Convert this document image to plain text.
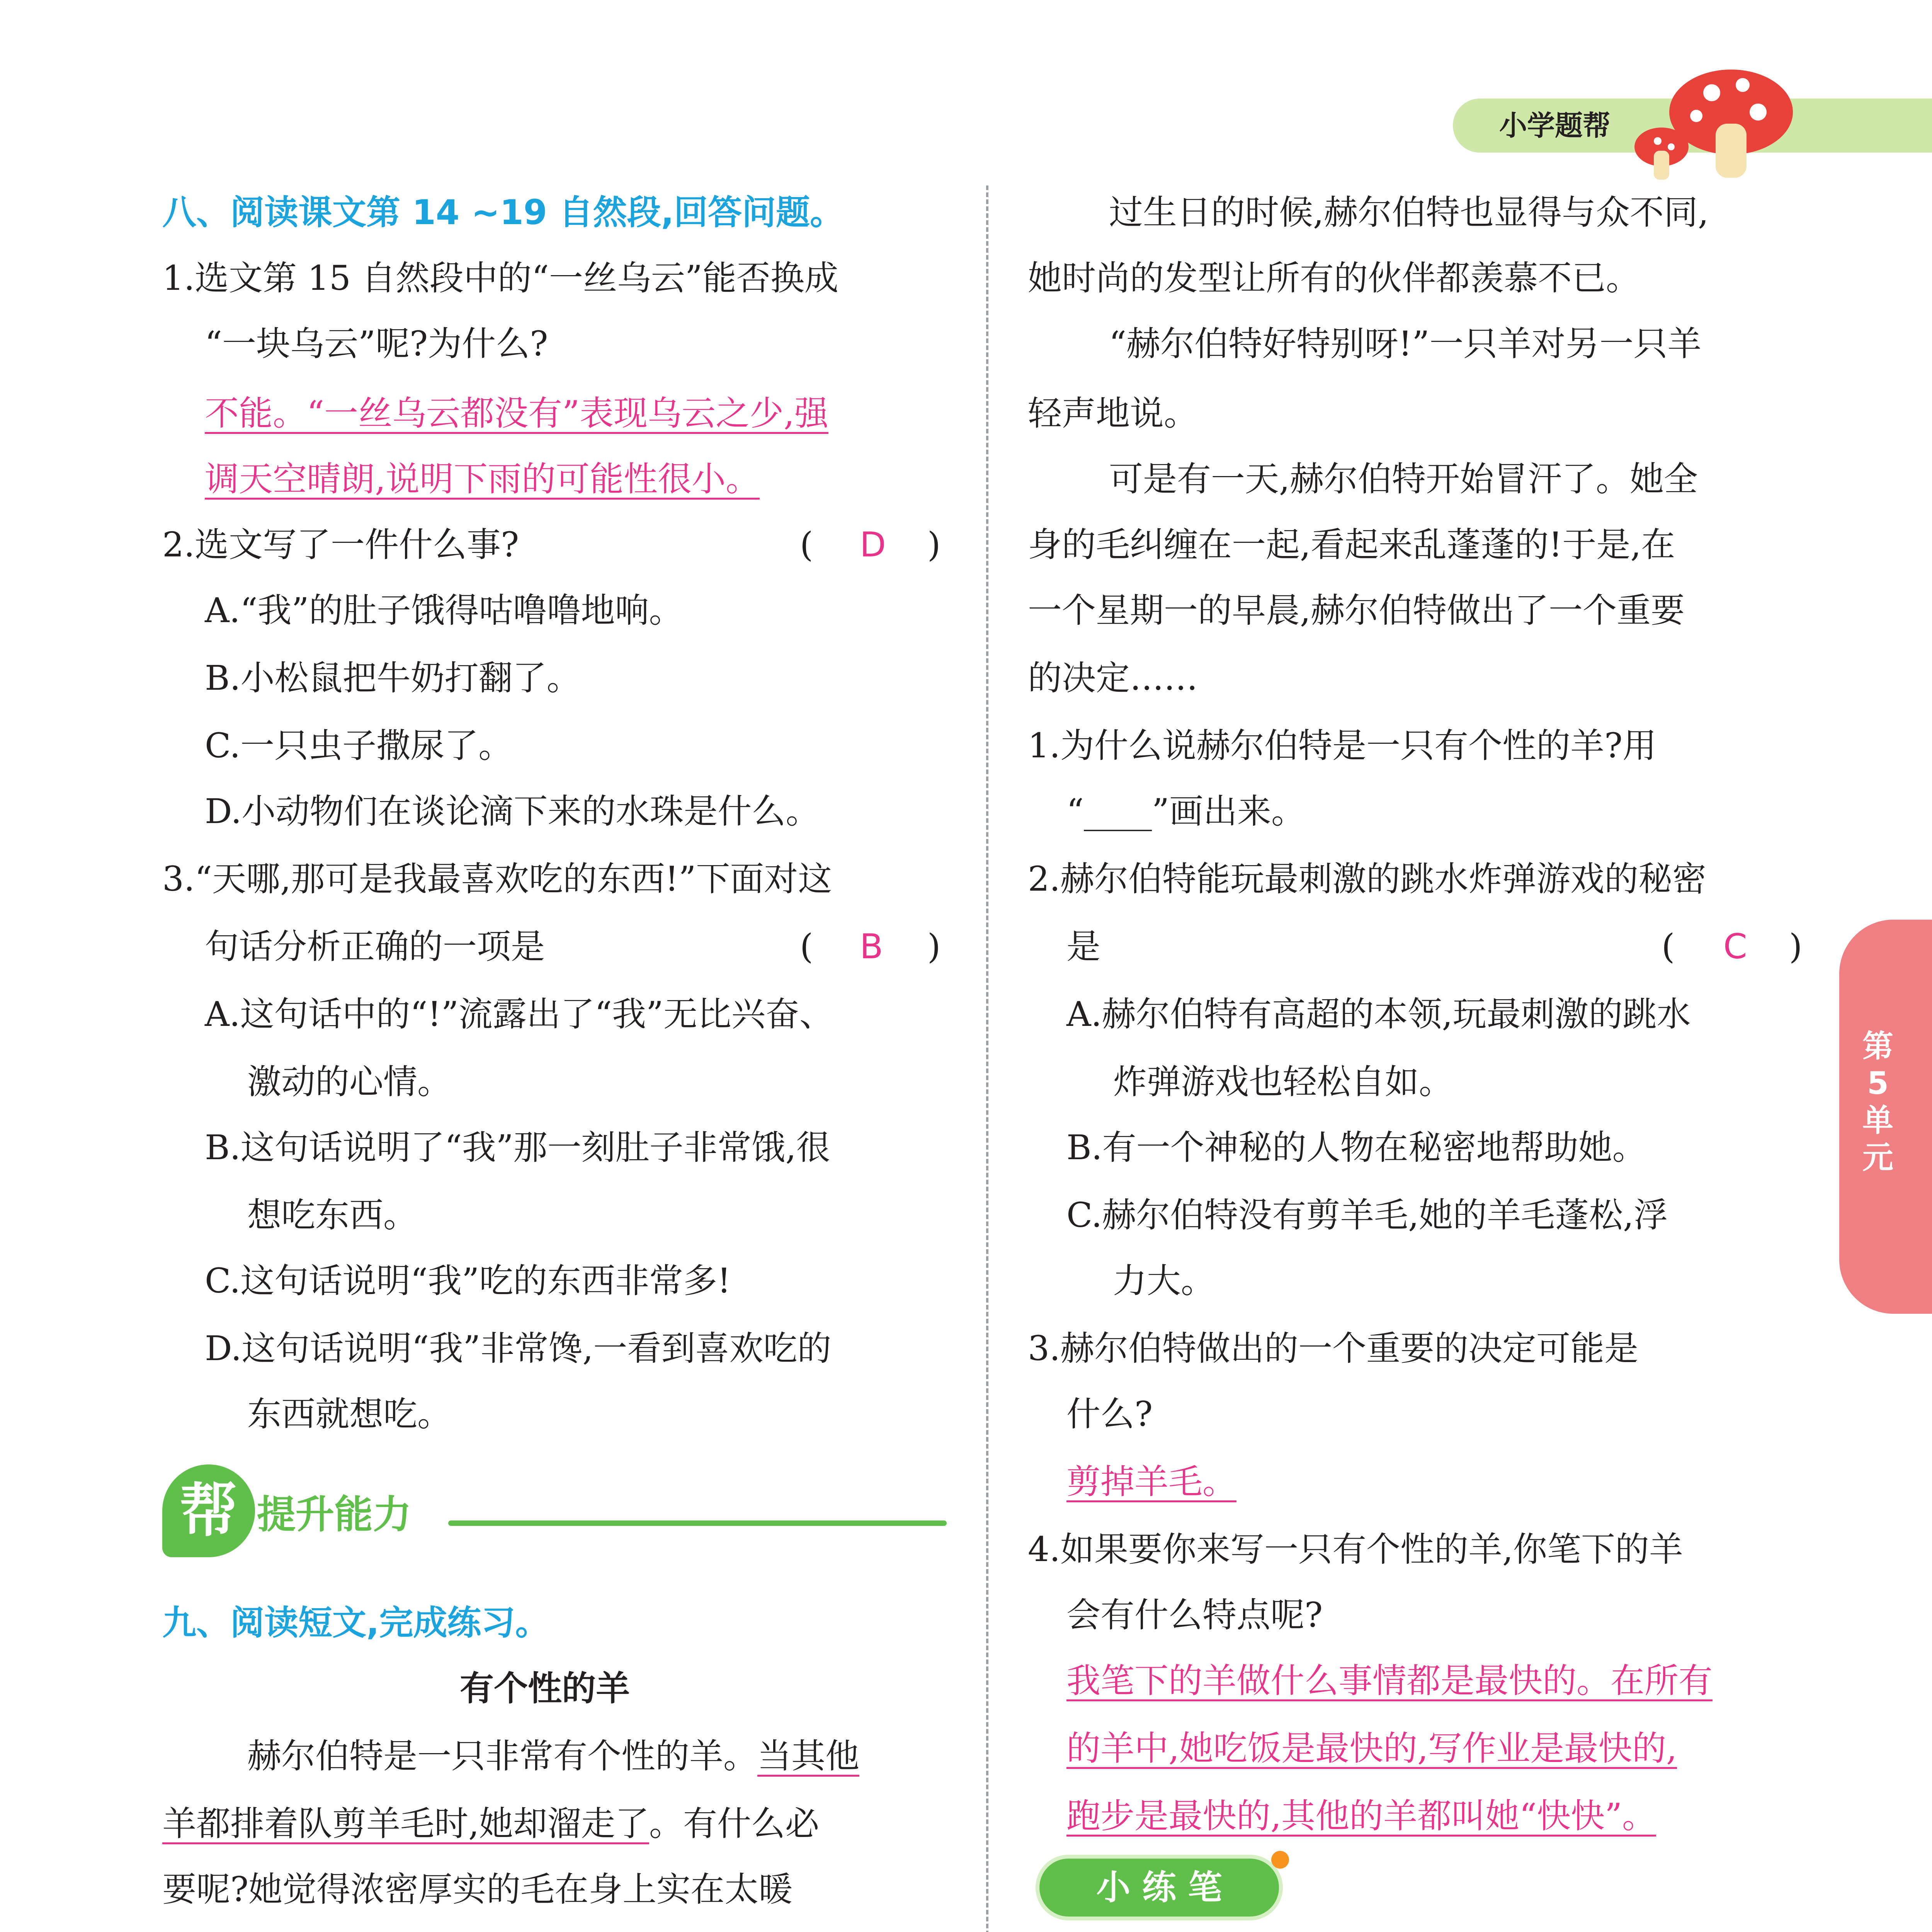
小学题帮
第
5
单
元
八、阅读课文第 14 ~19 自然段,回答问题。
1.选文第 15 自然段中的“一丝乌云”能否换成
“一块乌云”呢?为什么?
不能。“一丝乌云都没有”表现乌云之少,强
调天空晴朗,说明下雨的可能性很小。
2.选文写了一件什么事?	( D )
A.“我”的肚子饿得咕噜噜地响。
B.小松鼠把牛奶打翻了。
C.一只虫子撒尿了。
D.小动物们在谈论滴下来的水珠是什么。
3.“天哪,那可是我最喜欢吃的东西!”下面对这
句话分析正确的一项是	( B )
A.这句话中的“!”流露出了“我”无比兴奋、
激动的心情。
B.这句话说明了“我”那一刻肚子非常饿,很
想吃东西。
C.这句话说明“我”吃的东西非常多!
D.这句话说明“我”非常馋,一看到喜欢吃的
东西就想吃。
帮 提升能力
九、阅读短文,完成练习。
有个性的羊
赫尔伯特是一只非常有个性的羊。当其他
羊都排着队剪羊毛时,她却溜走了。有什么必
要呢?她觉得浓密厚实的毛在身上实在太暖
过生日的时候,赫尔伯特也显得与众不同,
她时尚的发型让所有的伙伴都羡慕不已。
“赫尔伯特好特别呀!”一只羊对另一只羊
轻声地说。
可是有一天,赫尔伯特开始冒汗了。她全
身的毛纠缠在一起,看起来乱蓬蓬的!于是,在
一个星期一的早晨,赫尔伯特做出了一个重要
的决定……
1.为什么说赫尔伯特是一只有个性的羊?用
“____”画出来。
2.赫尔伯特能玩最刺激的跳水炸弹游戏的秘密
是	( C )
A.赫尔伯特有高超的本领,玩最刺激的跳水
炸弹游戏也轻松自如。
B.有一个神秘的人物在秘密地帮助她。
C.赫尔伯特没有剪羊毛,她的羊毛蓬松,浮
力大。
3.赫尔伯特做出的一个重要的决定可能是
什么?
剪掉羊毛。
4.如果要你来写一只有个性的羊,你笔下的羊
会有什么特点呢?
我笔下的羊做什么事情都是最快的。在所有
的羊中,她吃饭是最快的,写作业是最快的,
跑步是最快的,其他的羊都叫她“快快”。
小 练 笔
